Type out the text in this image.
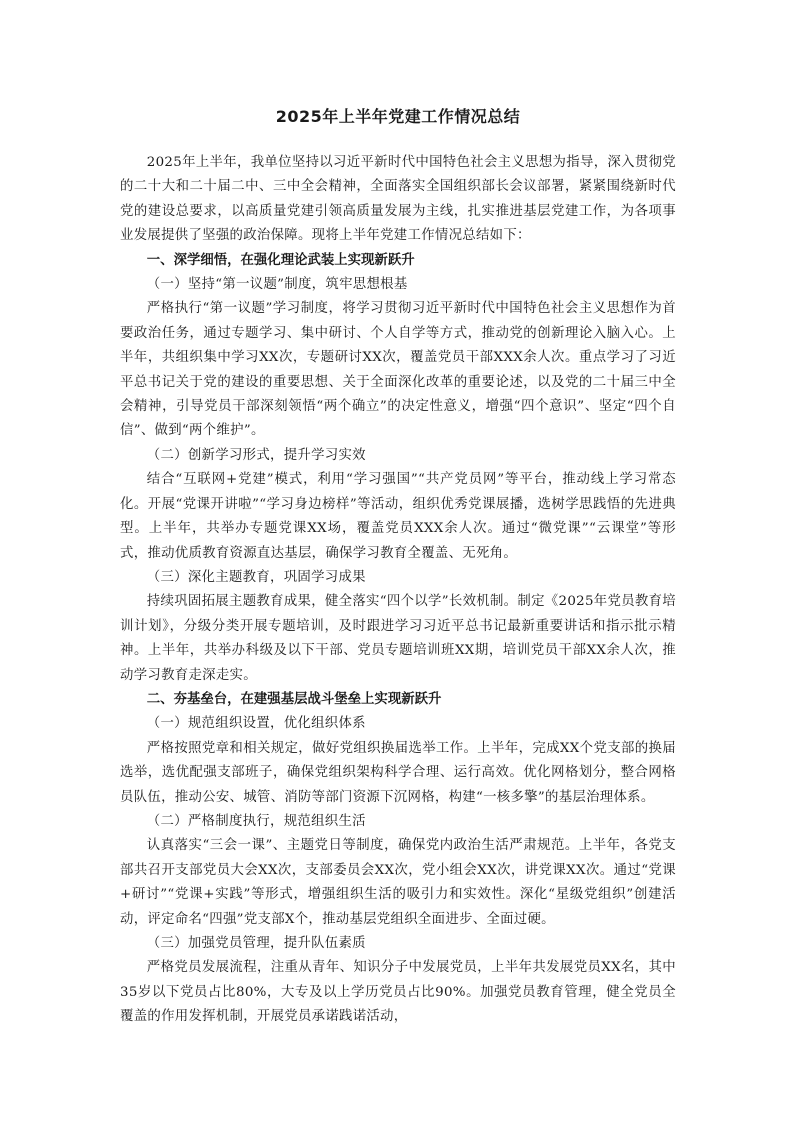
2025年上半年党建工作情况总结

2025年上半年，我单位坚持以习近平新时代中国特色社会主义思想为指导，深入贯彻党的二十大和二十届二中、三中全会精神，全面落实全国组织部长会议部署，紧紧围绕新时代党的建设总要求，以高质量党建引领高质量发展为主线，扎实推进基层党建工作，为各项事业发展提供了坚强的政治保障。现将上半年党建工作情况总结如下：

一、深学细悟，在强化理论武装上实现新跃升

（一）坚持“第一议题”制度，筑牢思想根基

严格执行“第一议题”学习制度，将学习贯彻习近平新时代中国特色社会主义思想作为首要政治任务，通过专题学习、集中研讨、个人自学等方式，推动党的创新理论入脑入心。上半年，共组织集中学习XX次，专题研讨XX次，覆盖党员干部XXX余人次。重点学习了习近平总书记关于党的建设的重要思想、关于全面深化改革的重要论述，以及党的二十届三中全会精神，引导党员干部深刻领悟“两个确立”的决定性意义，增强“四个意识”、坚定“四个自信”、做到“两个维护”。

（二）创新学习形式，提升学习实效

结合“互联网+党建”模式，利用“学习强国”“共产党员网”等平台，推动线上学习常态化。开展“党课开讲啦”“学习身边榜样”等活动，组织优秀党课展播，选树学思践悟的先进典型。上半年，共举办专题党课XX场，覆盖党员XXX余人次。通过“微党课”“云课堂”等形式，推动优质教育资源直达基层，确保学习教育全覆盖、无死角。

（三）深化主题教育，巩固学习成果

持续巩固拓展主题教育成果，健全落实“四个以学”长效机制。制定《2025年党员教育培训计划》，分级分类开展专题培训，及时跟进学习习近平总书记最新重要讲话和指示批示精神。上半年，共举办科级及以下干部、党员专题培训班XX期，培训党员干部XX余人次，推动学习教育走深走实。

二、夯基垒台，在建强基层战斗堡垒上实现新跃升

（一）规范组织设置，优化组织体系

严格按照党章和相关规定，做好党组织换届选举工作。上半年，完成XX个党支部的换届选举，选优配强支部班子，确保党组织架构科学合理、运行高效。优化网格划分，整合网格员队伍，推动公安、城管、消防等部门资源下沉网格，构建“一核多擎”的基层治理体系。

（二）严格制度执行，规范组织生活

认真落实“三会一课”、主题党日等制度，确保党内政治生活严肃规范。上半年，各党支部共召开支部党员大会XX次，支部委员会XX次，党小组会XX次，讲党课XX次。通过“党课+研讨”“党课+实践”等形式，增强组织生活的吸引力和实效性。深化“星级党组织”创建活动，评定命名“四强”党支部X个，推动基层党组织全面进步、全面过硬。

（三）加强党员管理，提升队伍素质

严格党员发展流程，注重从青年、知识分子中发展党员，上半年共发展党员XX名，其中35岁以下党员占比80%，大专及以上学历党员占比90%。加强党员教育管理，健全党员全覆盖的作用发挥机制，开展党员承诺践诺活动，
